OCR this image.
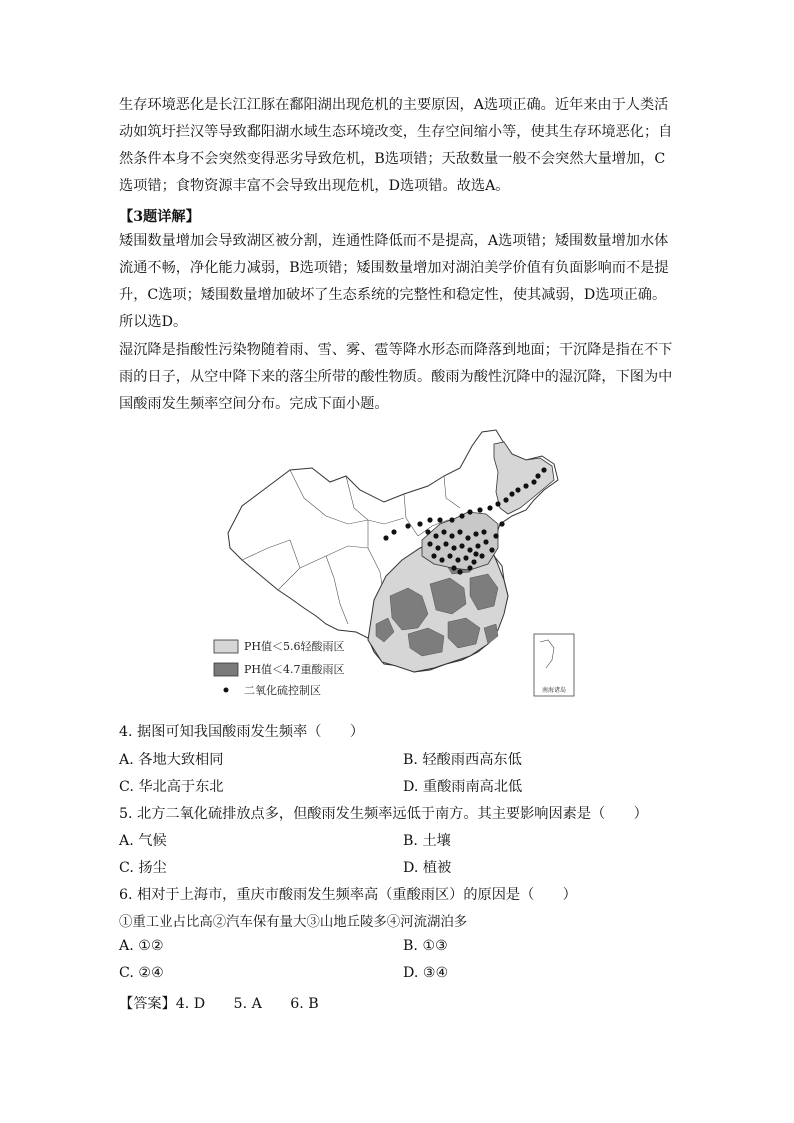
生存环境恶化是长江江豚在鄱阳湖出现危机的主要原因，A选项正确。近年来由于人类活动如筑圩拦汉等导致鄱阳湖水域生态环境改变，生存空间缩小等，使其生存环境恶化；自然条件本身不会突然变得恶劣导致危机，B选项错；天敌数量一般不会突然大量增加，C选项错；食物资源丰富不会导致出现危机，D选项错。故选A。

【3题详解】

矮围数量增加会导致湖区被分割，连通性降低而不是提高，A选项错；矮围数量增加水体流通不畅，净化能力减弱，B选项错；矮围数量增加对湖泊美学价值有负面影响而不是提升，C选项；矮围数量增加破坏了生态系统的完整性和稳定性，使其减弱，D选项正确。所以选D。

湿沉降是指酸性污染物随着雨、雪、雾、雹等降水形态而降落到地面；干沉降是指在不下雨的日子，从空中降下来的落尘所带的酸性物质。酸雨为酸性沉降中的湿沉降，下图为中国酸雨发生频率空间分布。完成下面小题。

南海诸岛
PH值＜5.6轻酸雨区
PH值＜4.7重酸雨区
二氧化硫控制区
4. 据图可知我国酸雨发生频率（　　）
A. 各地大致相同	B. 轻酸雨西高东低
C. 华北高于东北	D. 重酸雨南高北低
5. 北方二氧化硫排放点多，但酸雨发生频率远低于南方。其主要影响因素是（　　）
A. 气候	B. 土壤
C. 扬尘	D. 植被
6. 相对于上海市，重庆市酸雨发生频率高（重酸雨区）的原因是（　　）
①重工业占比高②汽车保有量大③山地丘陵多④河流湖泊多
A. ①②	B. ①③
C. ②④	D. ③④
【答案】4. D　　5. A　　6. B
